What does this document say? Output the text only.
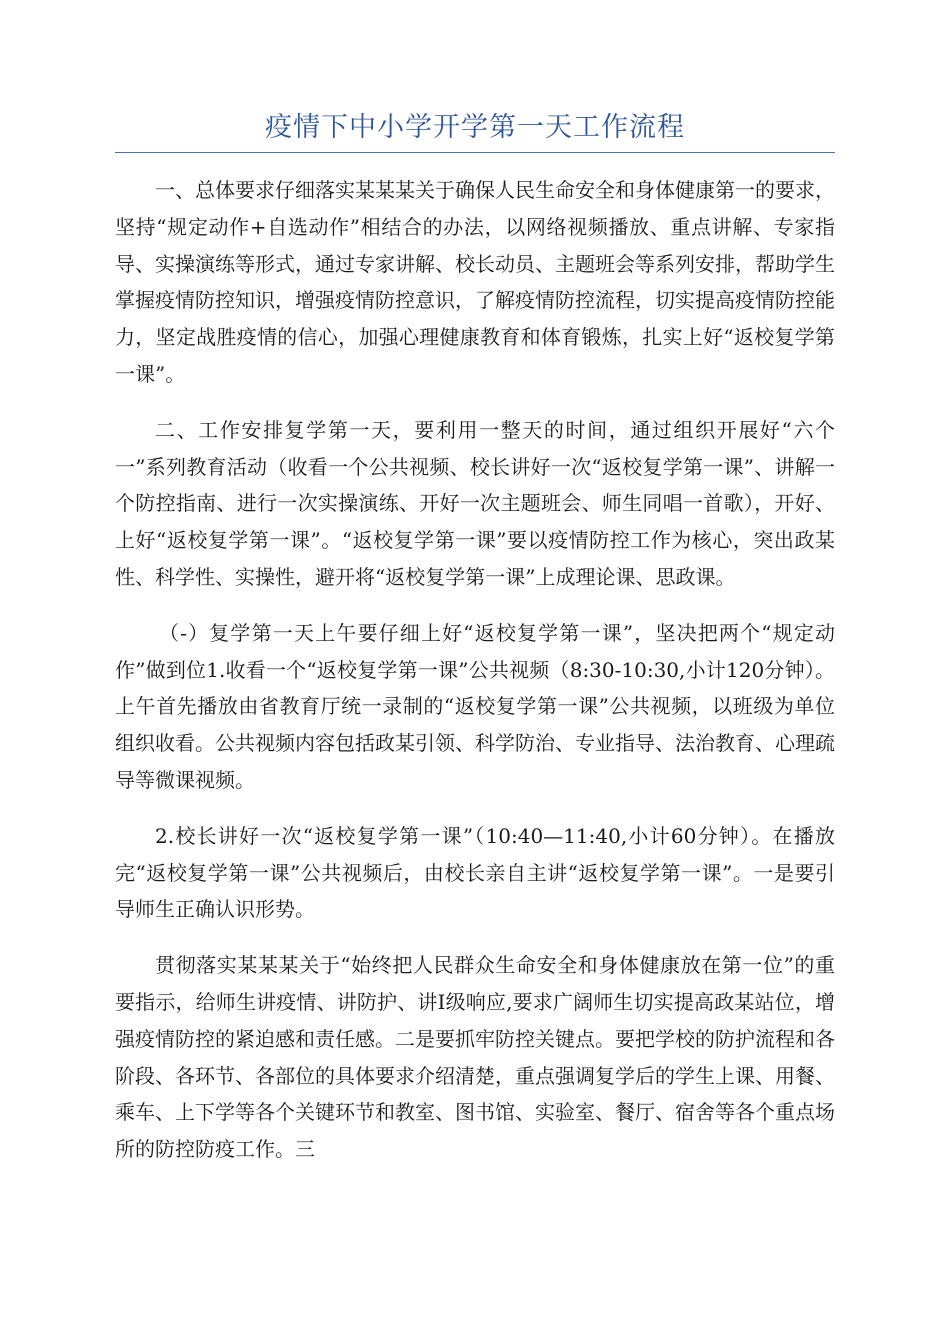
疫情下中小学开学第一天工作流程

一、总体要求仔细落实某某某关于确保人民生命安全和身体健康第一的要求，坚持“规定动作+自选动作”相结合的办法，以网络视频播放、重点讲解、专家指导、实操演练等形式，通过专家讲解、校长动员、主题班会等系列安排，帮助学生掌握疫情防控知识，增强疫情防控意识，了解疫情防控流程，切实提高疫情防控能力，坚定战胜疫情的信心，加强心理健康教育和体育锻炼，扎实上好“返校复学第一课”。

二、工作安排复学第一天，要利用一整天的时间，通过组织开展好“六个一”系列教育活动（收看一个公共视频、校长讲好一次“返校复学第一课”、讲解一个防控指南、进行一次实操演练、开好一次主题班会、师生同唱一首歌），开好、上好“返校复学第一课”。“返校复学第一课”要以疫情防控工作为核心，突出政某性、科学性、实操性，避开将“返校复学第一课”上成理论课、思政课。

（-）复学第一天上午要仔细上好“返校复学第一课”，坚决把两个“规定动作”做到位1.收看一个“返校复学第一课”公共视频（8:30-10:30,小计120分钟）。上午首先播放由省教育厅统一录制的“返校复学第一课”公共视频，以班级为单位组织收看。公共视频内容包括政某引领、科学防治、专业指导、法治教育、心理疏导等微课视频。

2.校长讲好一次“返校复学第一课”（10:40—11:40,小计60分钟）。在播放完“返校复学第一课”公共视频后，由校长亲自主讲“返校复学第一课”。一是要引导师生正确认识形势。

贯彻落实某某某关于“始终把人民群众生命安全和身体健康放在第一位”的重要指示，给师生讲疫情、讲防护、讲Ⅰ级响应,要求广阔师生切实提高政某站位，增强疫情防控的紧迫感和责任感。二是要抓牢防控关键点。要把学校的防护流程和各阶段、各环节、各部位的具体要求介绍清楚，重点强调复学后的学生上课、用餐、乘车、上下学等各个关键环节和教室、图书馆、实验室、餐厅、宿舍等各个重点场所的防控防疫工作。三
